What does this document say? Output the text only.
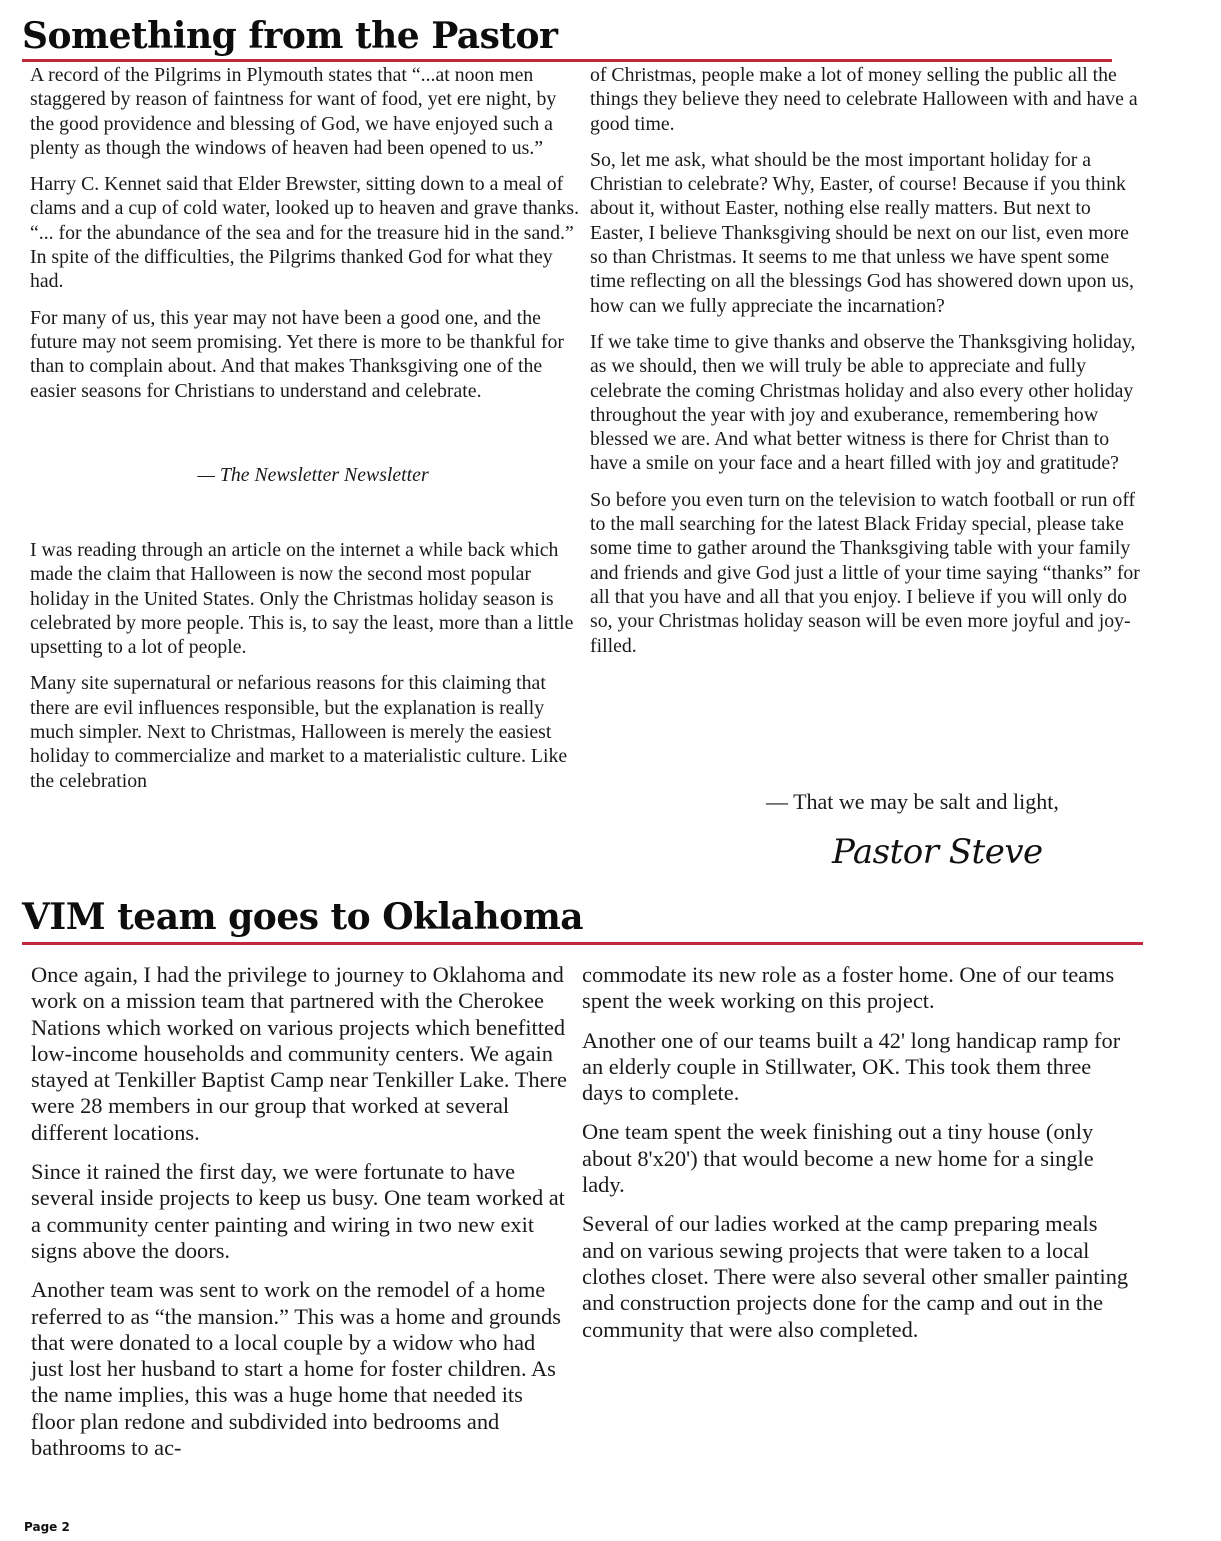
Something from the Pastor

A record of the Pilgrims in Plymouth states that “...at noon men staggered by reason of faintness for want of food, yet ere night, by the good providence and blessing of God, we have enjoyed such a plenty as though the windows of heaven had been opened to us.”

Harry C. Kennet said that Elder Brewster, sitting down to a meal of clams and a cup of cold water, looked up to heaven and grave thanks. “... for the abundance of the sea and for the treasure hid in the sand.” In spite of the difficulties, the Pilgrims thanked God for what they had.

For many of us, this year may not have been a good one, and the future may not seem promising. Yet there is more to be thankful for than to complain about. And that makes Thanksgiving one of the easier seasons for Christians to understand and celebrate.

— The Newsletter Newsletter

I was reading through an article on the internet a while back which made the claim that Halloween is now the second most popular holiday in the United States. Only the Christmas holiday season is celebrated by more people. This is, to say the least, more than a little upsetting to a lot of people.

Many site supernatural or nefarious reasons for this claiming that there are evil influences responsible, but the explanation is really much simpler. Next to Christmas, Halloween is merely the easiest holiday to commercialize and market to a materialistic culture. Like the celebration

of Christmas, people make a lot of money selling the public all the things they believe they need to celebrate Halloween with and have a good time.

So, let me ask, what should be the most important holiday for a Christian to celebrate? Why, Easter, of course! Because if you think about it, without Easter, nothing else really matters. But next to Easter, I believe Thanksgiving should be next on our list, even more so than Christmas. It seems to me that unless we have spent some time reflecting on all the blessings God has showered down upon us, how can we fully appreciate the incarnation?

If we take time to give thanks and observe the Thanksgiving holiday, as we should, then we will truly be able to appreciate and fully celebrate the coming Christmas holiday and also every other holiday throughout the year with joy and exuberance, remembering how blessed we are. And what better witness is there for Christ than to have a smile on your face and a heart filled with joy and gratitude?

So before you even turn on the television to watch football or run off to the mall searching for the latest Black Friday special, please take some time to gather around the Thanksgiving table with your family and friends and give God just a little of your time saying “thanks” for all that you have and all that you enjoy. I believe if you will only do so, your Christmas holiday season will be even more joyful and joy-filled.

— That we may be salt and light,
Pastor Steve
VIM team goes to Oklahoma

Once again, I had the privilege to journey to Oklahoma and work on a mission team that partnered with the Cherokee Nations which worked on various projects which benefitted low-income households and community centers. We again stayed at Tenkiller Baptist Camp near Tenkiller Lake. There were 28 members in our group that worked at several different locations.

Since it rained the first day, we were fortunate to have several inside projects to keep us busy. One team worked at a community center painting and wiring in two new exit signs above the doors.

Another team was sent to work on the remodel of a home referred to as “the mansion.” This was a home and grounds that were donated to a local couple by a widow who had just lost her husband to start a home for foster children. As the name implies, this was a huge home that needed its floor plan redone and subdivided into bedrooms and bathrooms to ac-

commodate its new role as a foster home. One of our teams spent the week working on this project.

Another one of our teams built a 42' long handicap ramp for an elderly couple in Stillwater, OK. This took them three days to complete.

One team spent the week finishing out a tiny house (only about 8'x20') that would become a new home for a single lady.

Several of our ladies worked at the camp preparing meals and on various sewing projects that were taken to a local clothes closet. There were also several other smaller painting and construction projects done for the camp and out in the community that were also completed.

Page 2
